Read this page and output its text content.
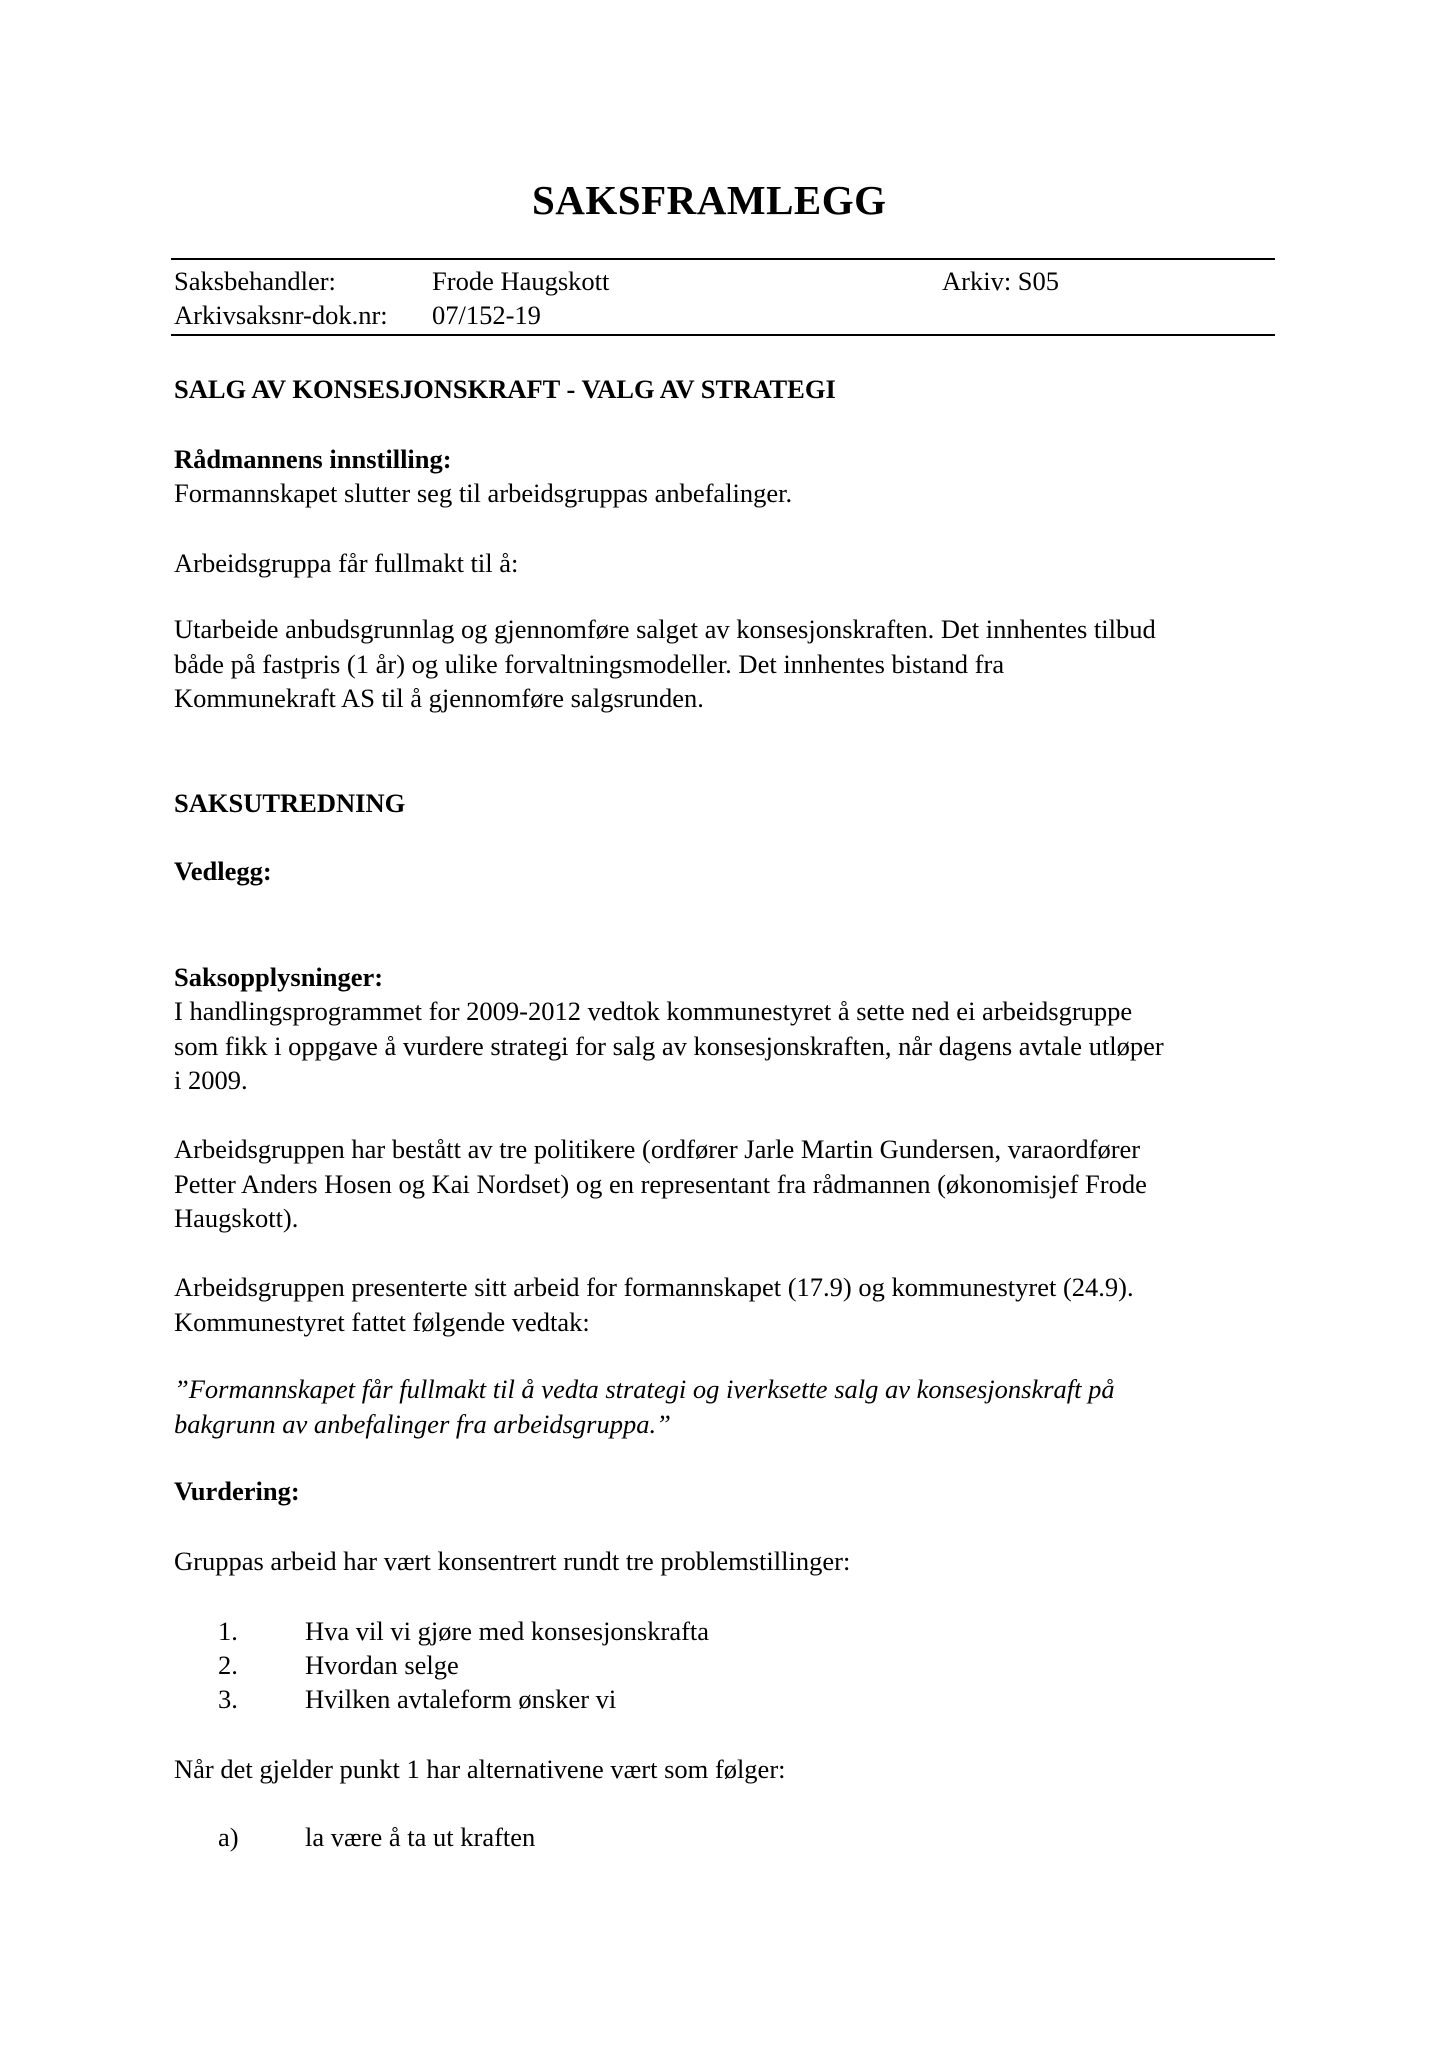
SAKSFRAMLEGG
Saksbehandler:	Frode Haugskott	Arkiv: S05
Arkivsaksnr-dok.nr: 07/152-19
SALG AV KONSESJONSKRAFT - VALG AV STRATEGI
Rådmannens innstilling:
Formannskapet slutter seg til arbeidsgruppas anbefalinger.
Arbeidsgruppa får fullmakt til å:
Utarbeide anbudsgrunnlag og gjennomføre salget av konsesjonskraften. Det innhentes tilbud
både på fastpris (1 år) og ulike forvaltningsmodeller. Det innhentes bistand fra
Kommunekraft AS til å gjennomføre salgsrunden.
SAKSUTREDNING
Vedlegg:
Saksopplysninger:
I handlingsprogrammet for 2009-2012 vedtok kommunestyret å sette ned ei arbeidsgruppe
som fikk i oppgave å vurdere strategi for salg av konsesjonskraften, når dagens avtale utløper
i 2009.
Arbeidsgruppen har bestått av tre politikere (ordfører Jarle Martin Gundersen, varaordfører
Petter Anders Hosen og Kai Nordset) og en representant fra rådmannen (økonomisjef Frode
Haugskott).
Arbeidsgruppen presenterte sitt arbeid for formannskapet (17.9) og kommunestyret (24.9).
Kommunestyret fattet følgende vedtak:
”Formannskapet får fullmakt til å vedta strategi og iverksette salg av konsesjonskraft på
bakgrunn av anbefalinger fra arbeidsgruppa.”
Vurdering:
Gruppas arbeid har vært konsentrert rundt tre problemstillinger:
1.	Hva vil vi gjøre med konsesjonskrafta
2.	Hvordan selge
3.	Hvilken avtaleform ønsker vi
Når det gjelder punkt 1 har alternativene vært som følger:
a)	la være å ta ut kraften
